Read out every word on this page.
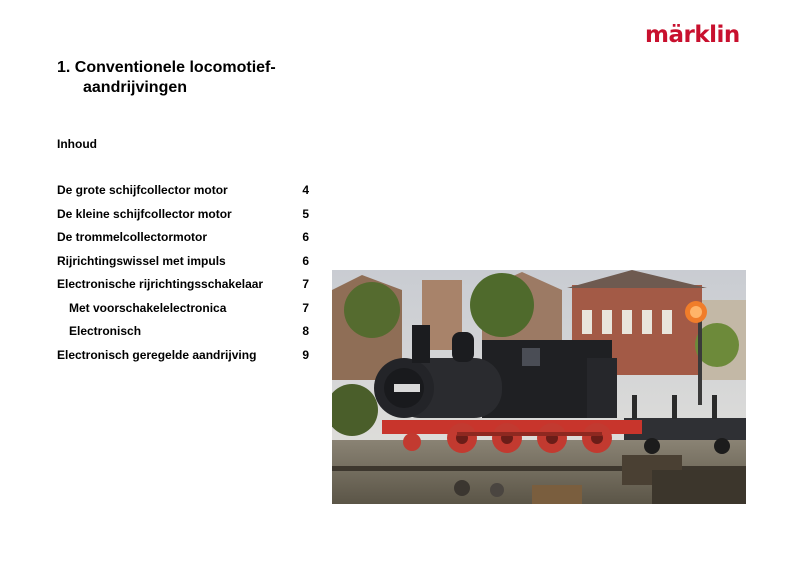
märklin
1. Conventionele locomotief-
aandrijvingen
Inhoud
De grote schijfcollector motor	4
De kleine schijfcollector motor	5
De trommelcollectormotor	6
Rijrichtingswissel met impuls	6
Electronische rijrichtingsschakelaar	7
Met voorschakelelectronica	7
Electronisch	8
Electronisch geregelde aandrijving	9
